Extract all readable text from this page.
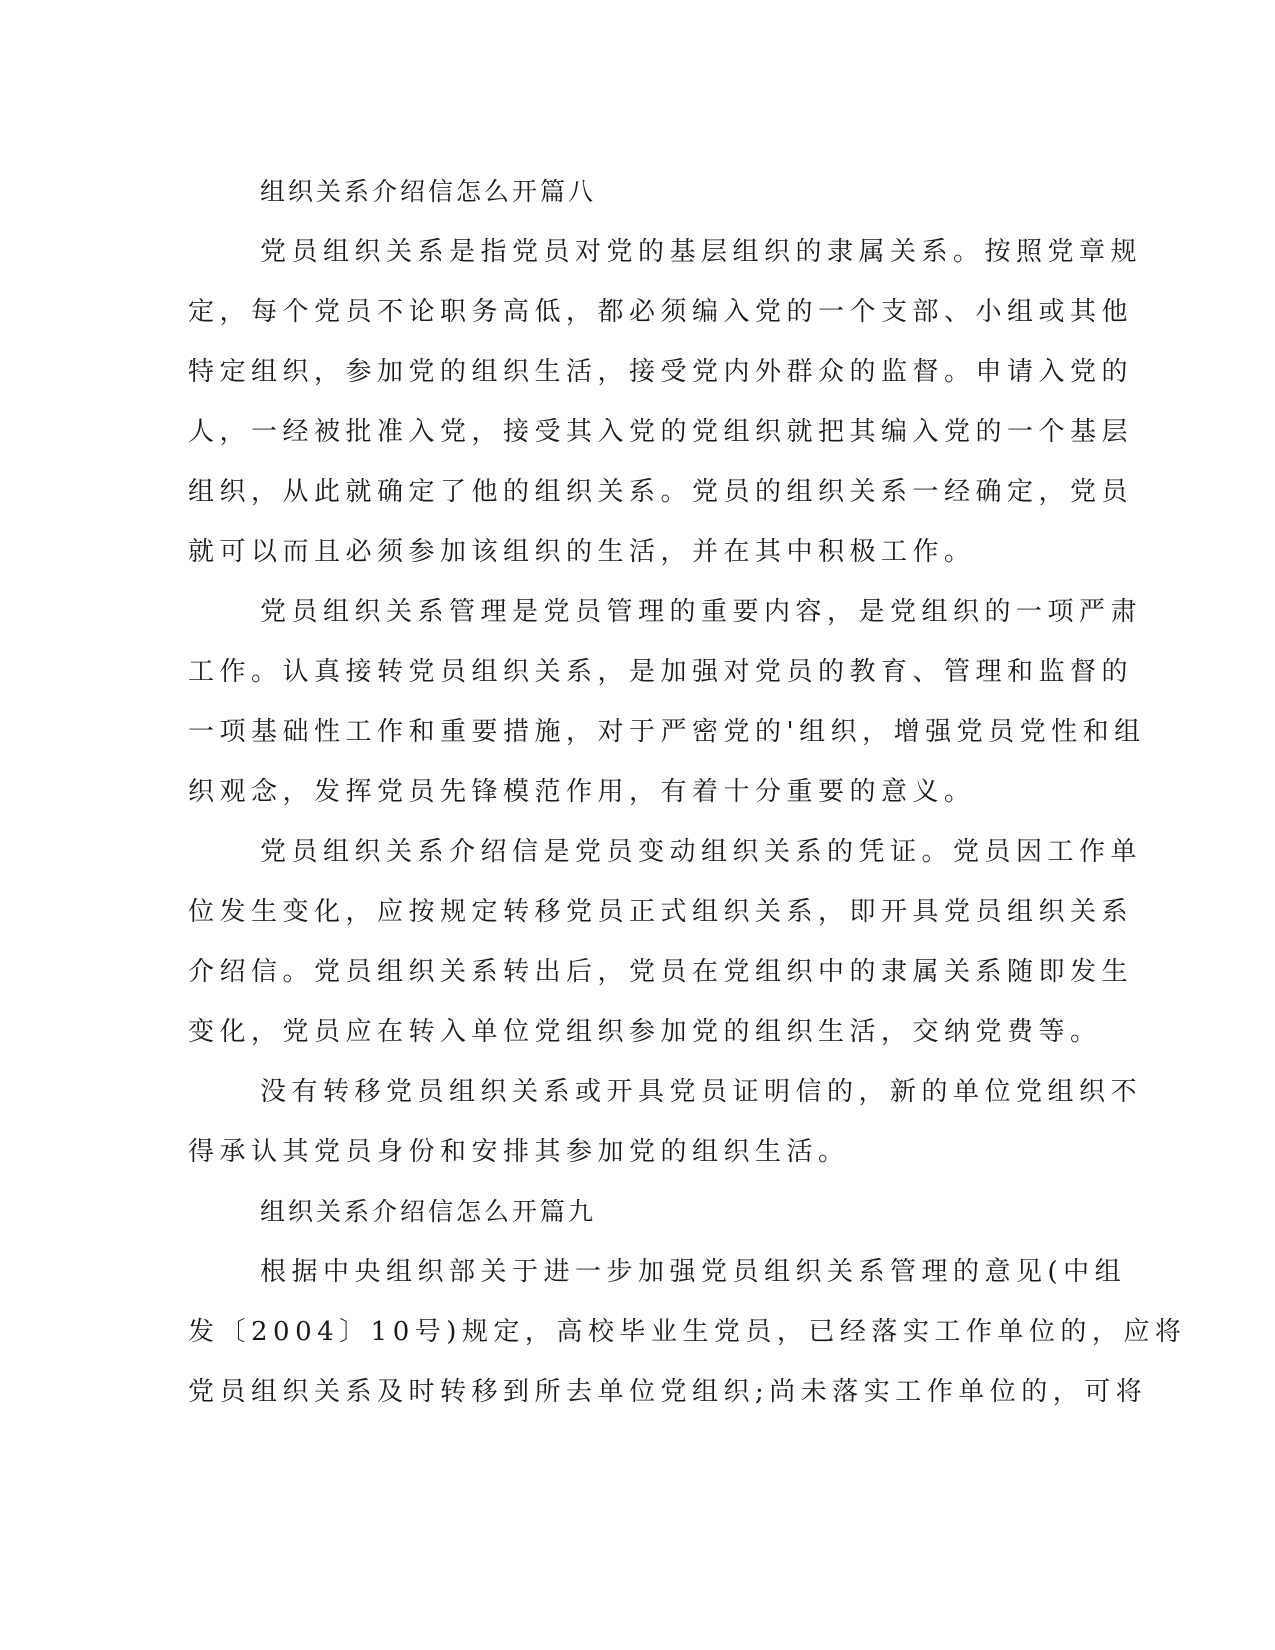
组织关系介绍信怎么开篇八

党员组织关系是指党员对党的基层组织的隶属关系。按照党章规

定，每个党员不论职务高低，都必须编入党的一个支部、小组或其他

特定组织，参加党的组织生活，接受党内外群众的监督。申请入党的

人，一经被批准入党，接受其入党的党组织就把其编入党的一个基层

组织，从此就确定了他的组织关系。党员的组织关系一经确定，党员

就可以而且必须参加该组织的生活，并在其中积极工作。

党员组织关系管理是党员管理的重要内容，是党组织的一项严肃

工作。认真接转党员组织关系，是加强对党员的教育、管理和监督的

一项基础性工作和重要措施，对于严密党的'组织，增强党员党性和组

织观念，发挥党员先锋模范作用，有着十分重要的意义。

党员组织关系介绍信是党员变动组织关系的凭证。党员因工作单

位发生变化，应按规定转移党员正式组织关系，即开具党员组织关系

介绍信。党员组织关系转出后，党员在党组织中的隶属关系随即发生

变化，党员应在转入单位党组织参加党的组织生活，交纳党费等。

没有转移党员组织关系或开具党员证明信的，新的单位党组织不

得承认其党员身份和安排其参加党的组织生活。

组织关系介绍信怎么开篇九

根据中央组织部关于进一步加强党员组织关系管理的意见(中组

发〔2004〕10号)规定，高校毕业生党员，已经落实工作单位的，应将

党员组织关系及时转移到所去单位党组织;尚未落实工作单位的，可将
